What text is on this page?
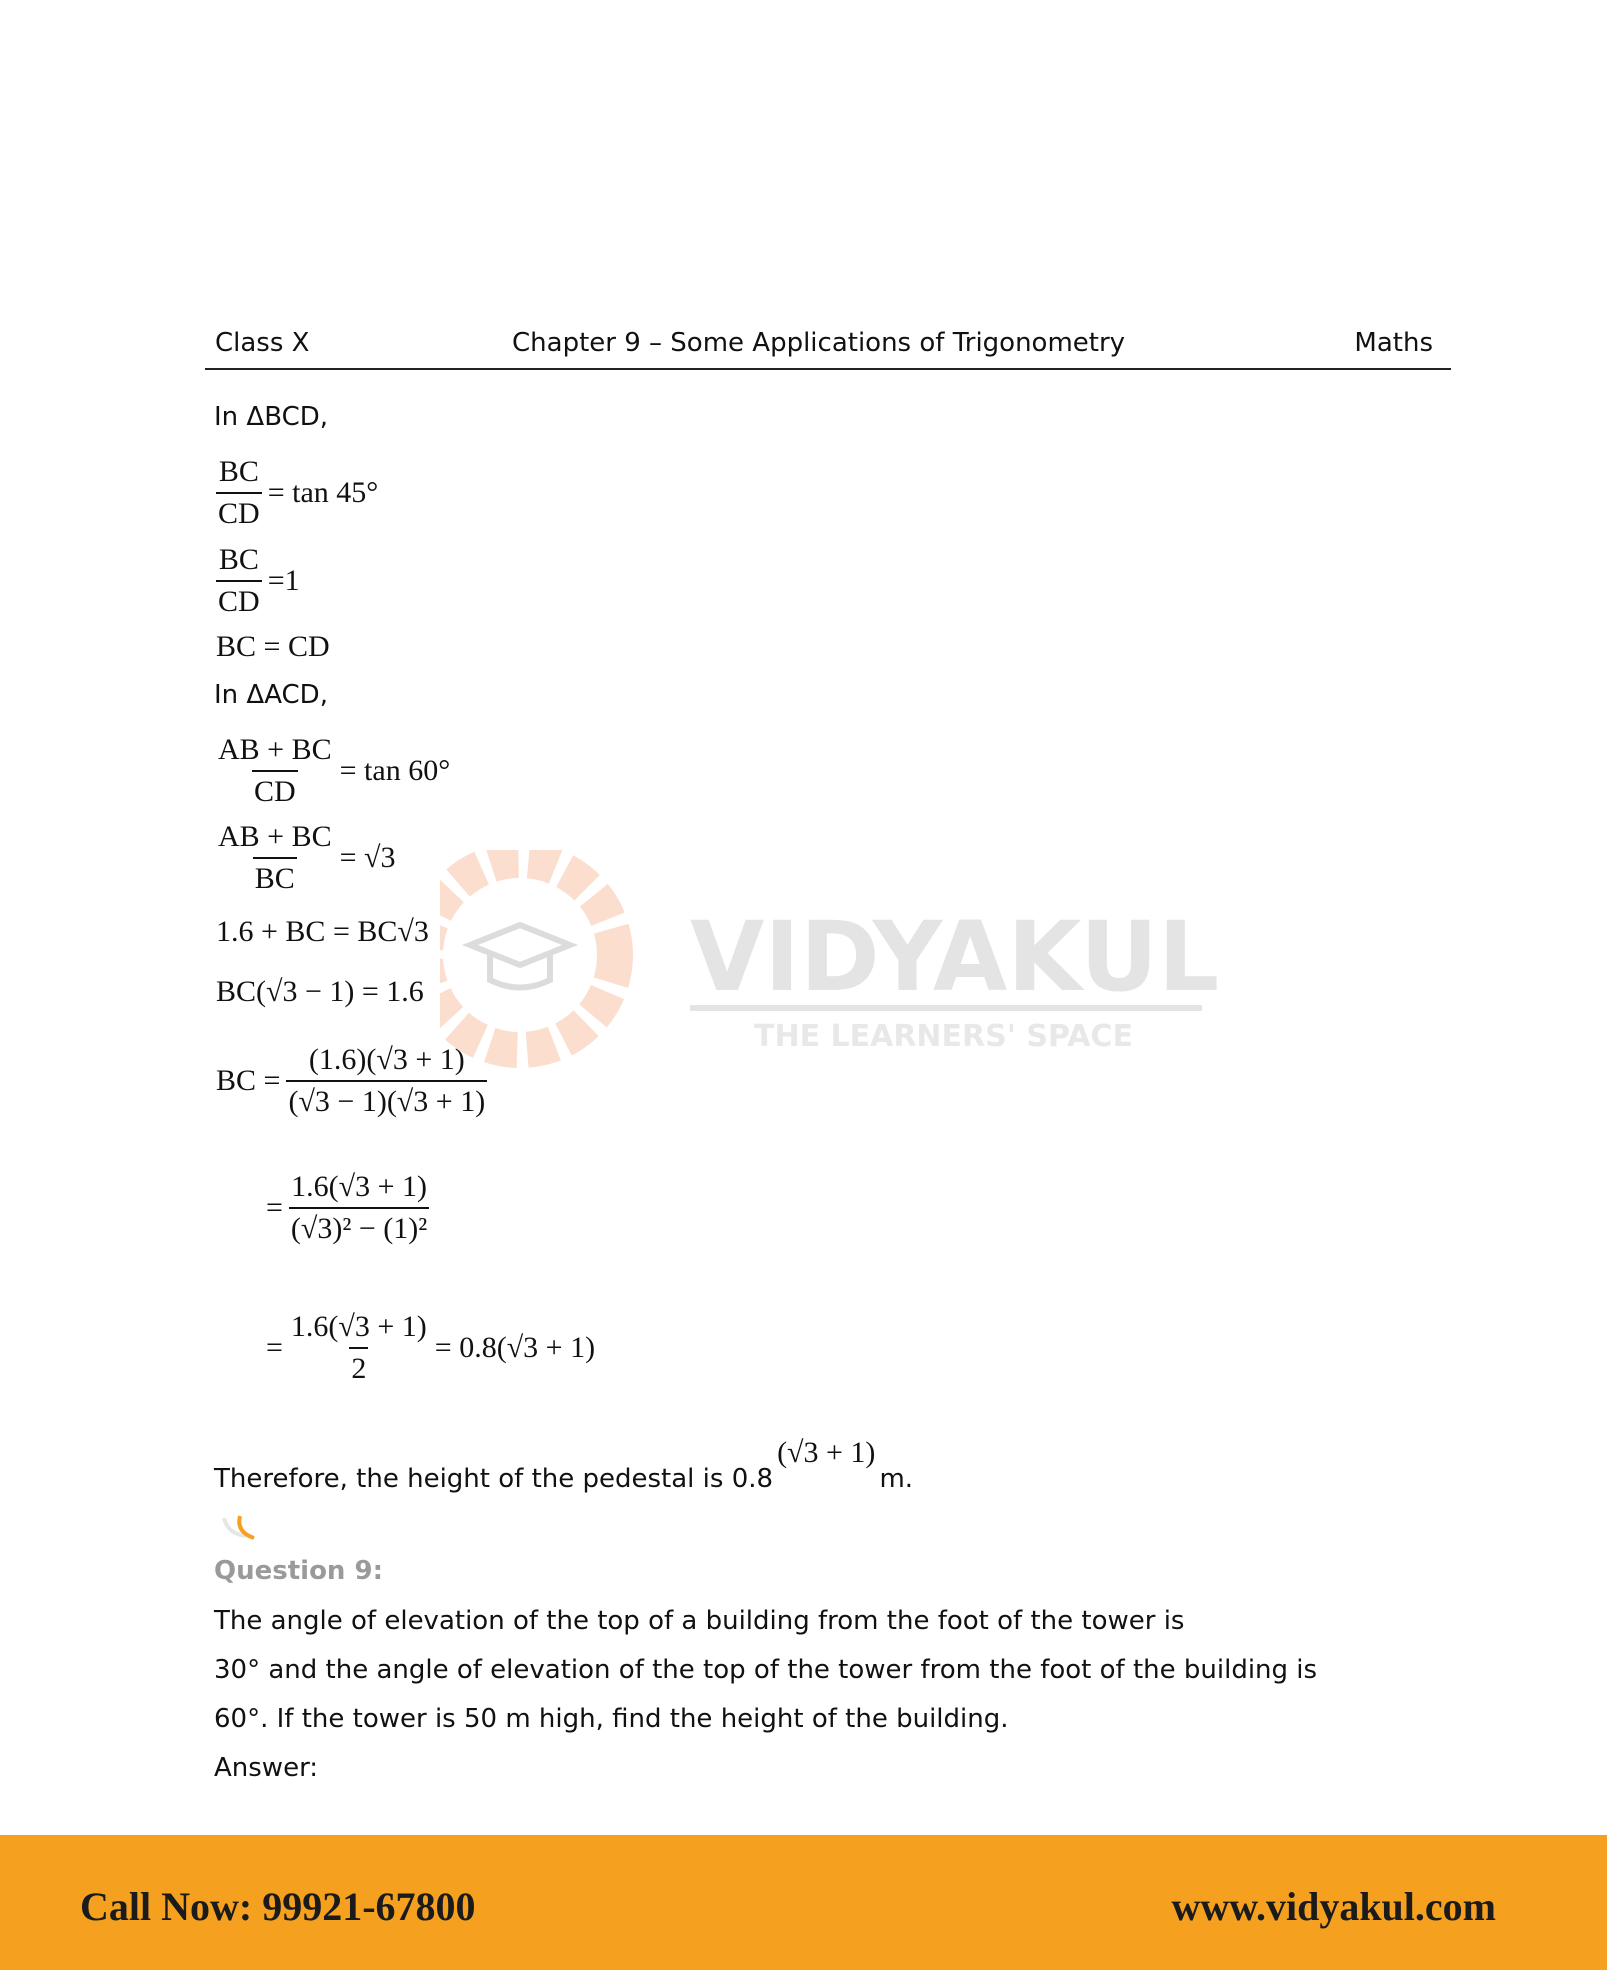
Class X	Chapter 9 – Some Applications of Trigonometry	Maths
VIDYAKUL
THE LEARNERS' SPACE
In ΔBCD,
$\frac{BC}{CD} = \tan 45^\circ$
$\frac{BC}{CD} =1$
BC = CD
In ΔACD,
$\frac{AB + BC}{CD} = \tan 60^\circ$
$\frac{AB + BC}{BC} = √3$
1.6 + BC = BC√3
BC(√3 − 1) = 1.6
BC = $\frac{(1.6)(√3 + 1)}{(√3 - 1)(√3 + 1)}$
= $\frac{1.6(√3 + 1)}{\text{(√3)² − (1)²}}$
= $\frac{1.6(√3 + 1)}{2} = 0.8(√3 + 1)$
Therefore, the height of the pedestal is 0.8
(√3 + 1)
m.
Question 9:
The angle of elevation of the top of a building from the foot of the tower is
30° and the angle of elevation of the top of the tower from the foot of the building is
60°. If the tower is 50 m high, find the height of the building.
Answer:
Call Now: 99921-67800	www.vidyakul.com
